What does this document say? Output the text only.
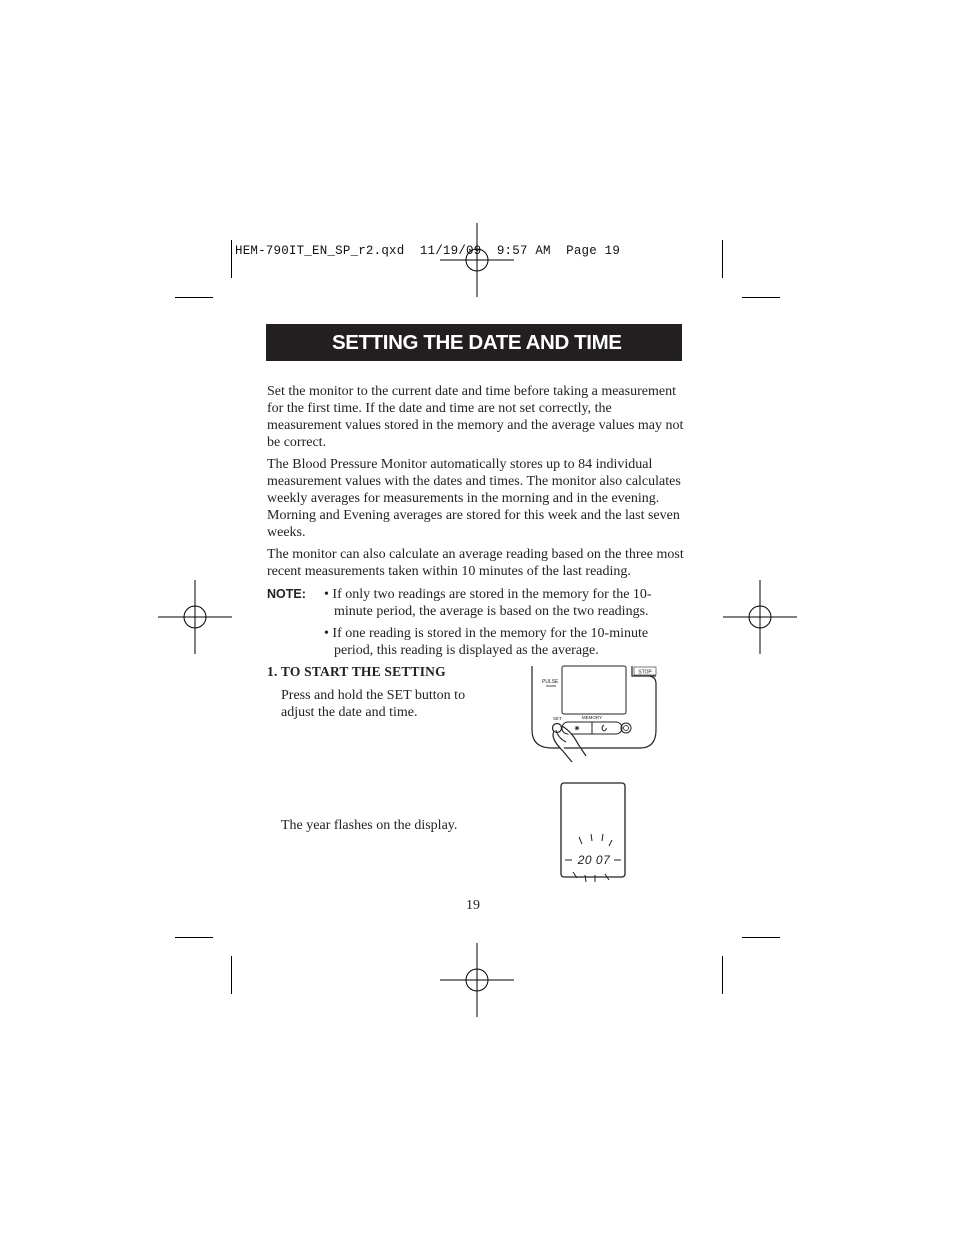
HEM-790IT_EN_SP_r2.qxd  11/19/09  9:57 AM  Page 19
SETTING THE DATE AND TIME
Set the monitor to the current date and time before taking a measurement for the first time. If the date and time are not set correctly, the measurement values stored in the memory and the average values may not be correct.
The Blood Pressure Monitor automatically stores up to 84 individual measurement values with the dates and times. The monitor also calculates weekly averages for measurements in the morning and in the evening. Morning and Evening averages are stored for this week and the last seven weeks.
The monitor can also calculate an average reading based on the three most recent measurements taken within 10 minutes of the last reading.
NOTE: • If only two readings are stored in the memory for the 10-minute period, the average is based on the two readings.
• If one reading is stored in the memory for the 10-minute period, this reading is displayed as the average.
1. TO START THE SETTING
Press and hold the SET button to adjust the date and time.
The year flashes on the display.
STOP
PULSE
SET	MEMORY
✷
20 07
19
